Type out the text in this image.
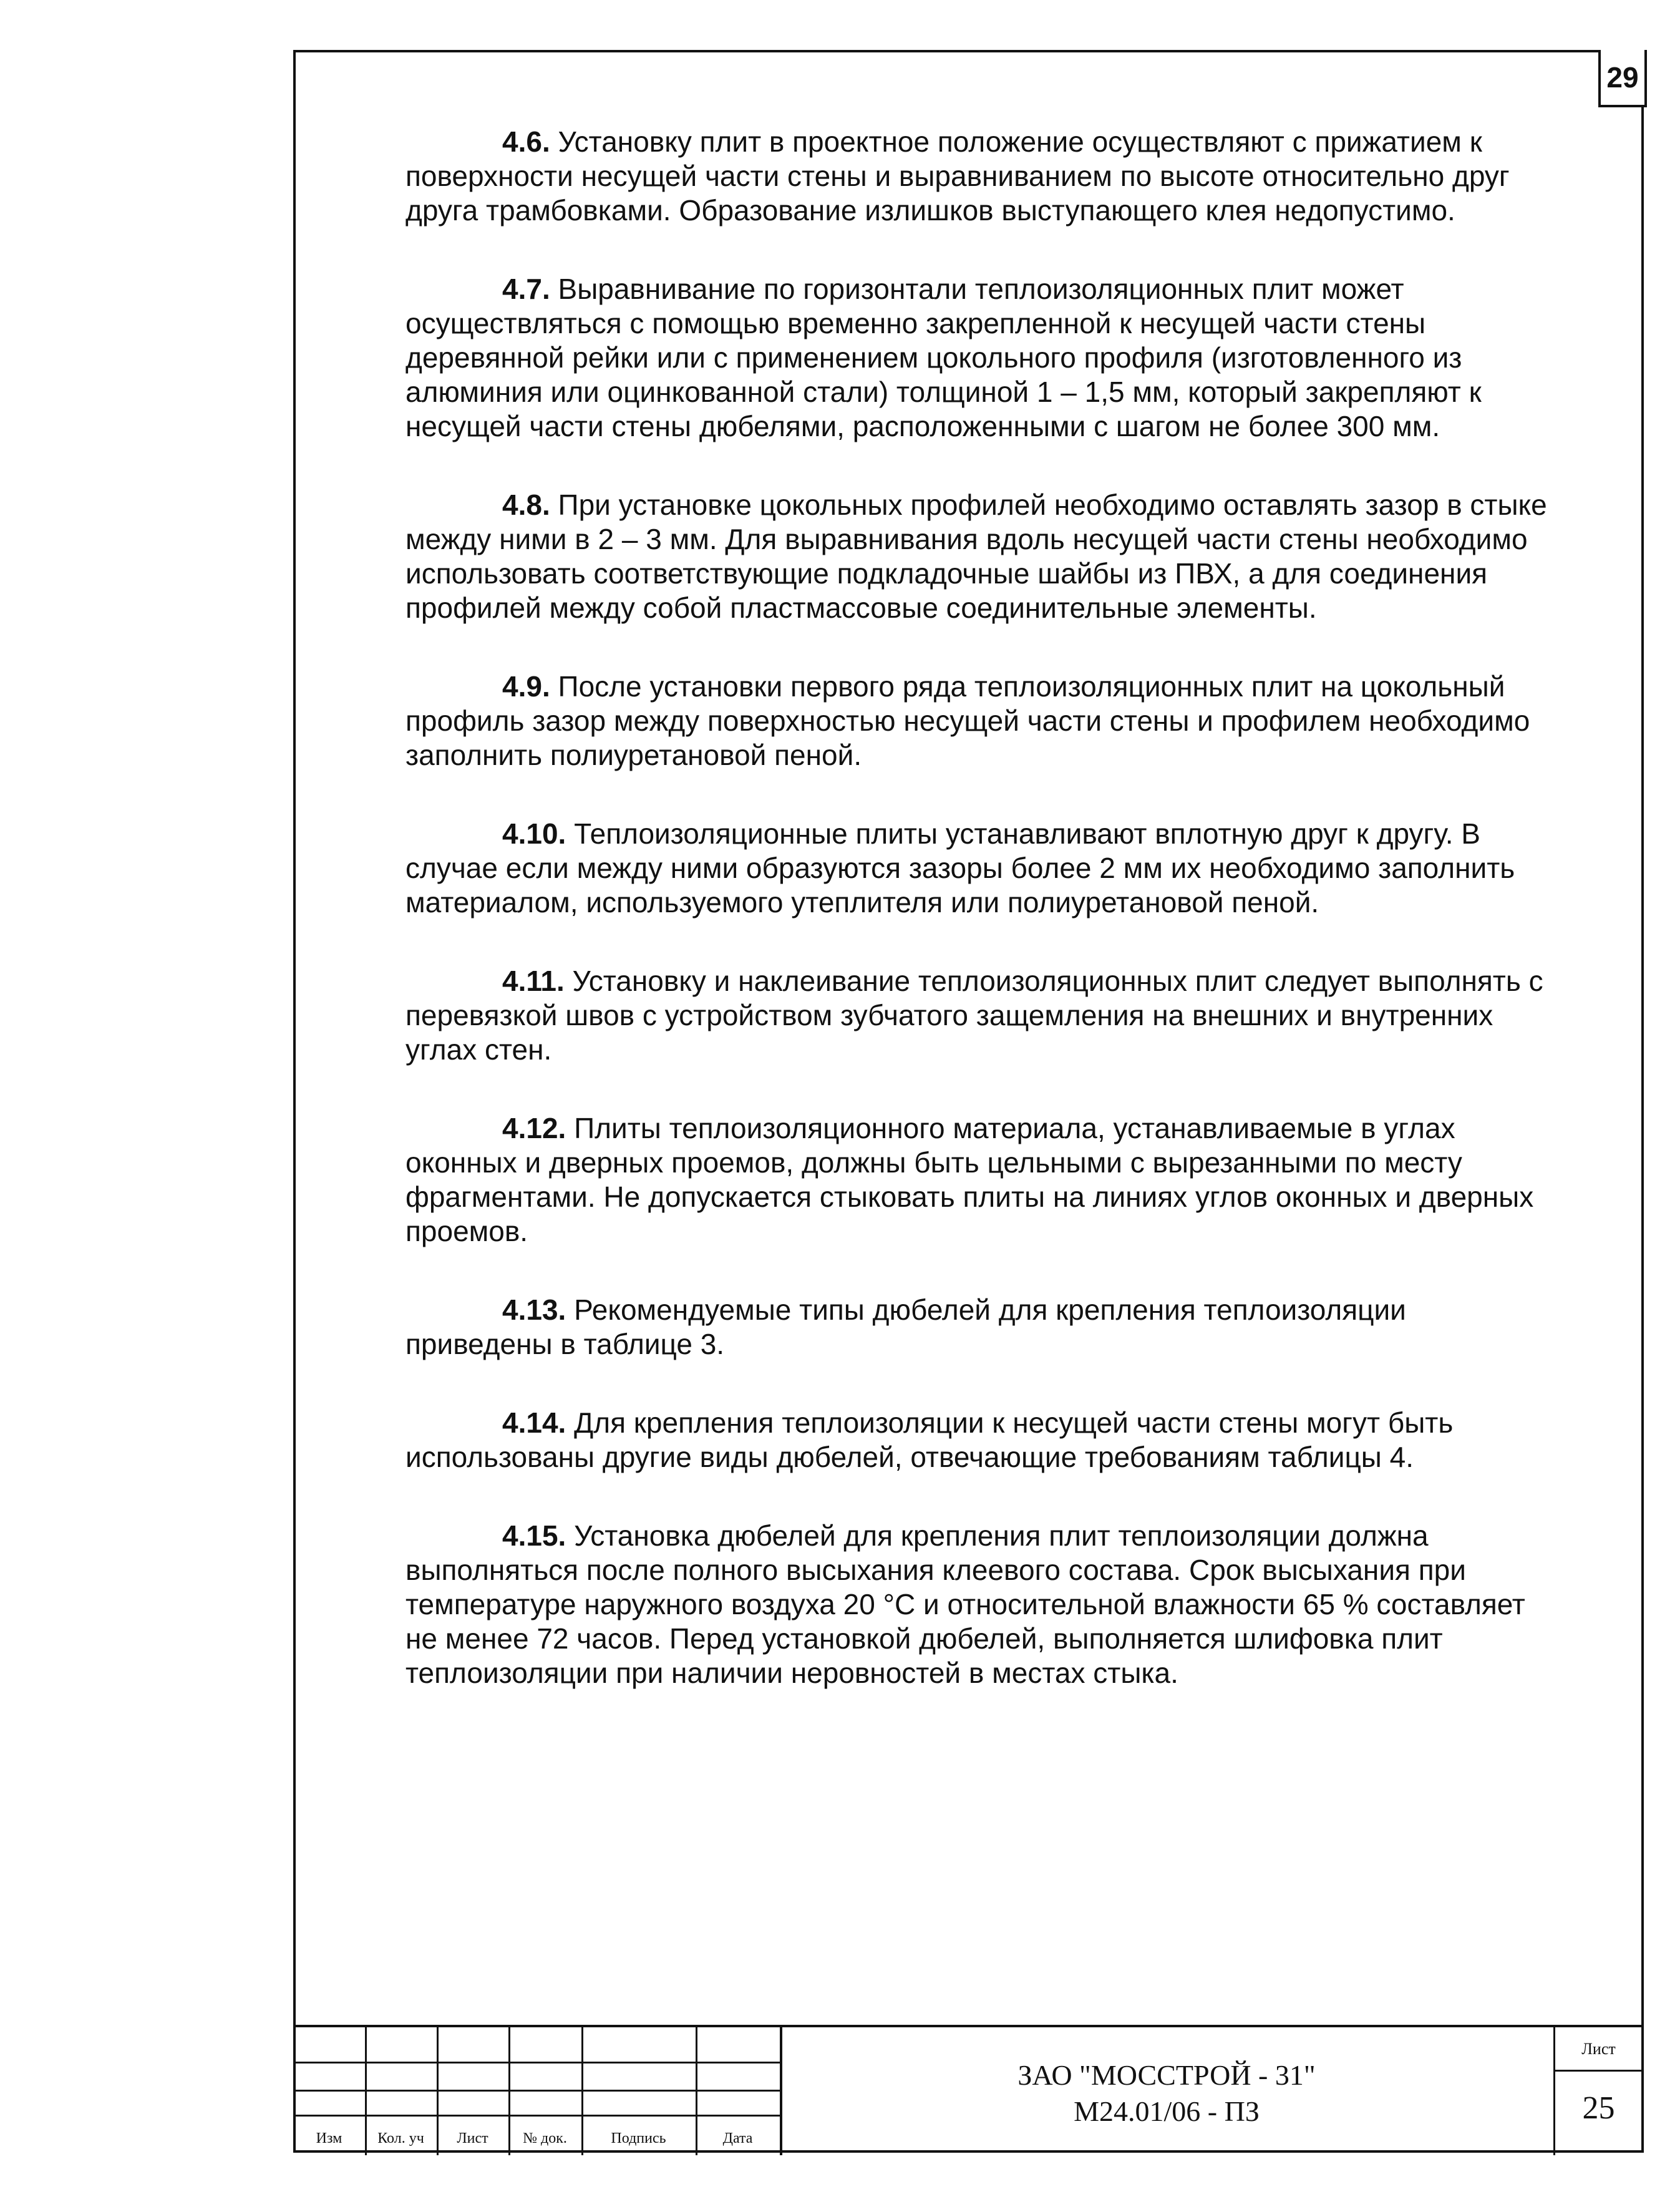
29

4.6. Установку плит в проектное положение осуществляют с прижатием к поверхности несущей части стены и выравниванием по высоте относительно друг друга трамбовками. Образование излишков выступающего клея недопустимо.

4.7. Выравнивание по горизонтали теплоизоляционных плит может осуществляться с помощью временно закрепленной к несущей части стены деревянной рейки или с применением цокольного профиля (изготовленного из алюминия или оцинкованной стали) толщиной 1 – 1,5 мм, который закрепляют к несущей части стены дюбелями, расположенными с шагом не более 300 мм.

4.8. При установке цокольных профилей необходимо оставлять зазор в стыке между ними в 2 – 3 мм. Для выравнивания вдоль несущей части стены необходимо использовать соответствующие подкладочные шайбы из ПВХ, а для соединения профилей между собой пластмассовые соединительные элементы.

4.9. После установки первого ряда теплоизоляционных плит на цокольный профиль зазор между поверхностью несущей части стены и профилем необходимо заполнить полиуретановой пеной.

4.10. Теплоизоляционные плиты устанавливают вплотную друг к другу. В случае если между ними образуются зазоры более 2 мм их необходимо заполнить материалом, используемого утеплителя или полиуретановой пеной.

4.11. Установку и наклеивание теплоизоляционных плит следует выполнять с перевязкой швов с устройством зубчатого защемления на внешних и внутренних углах стен.

4.12. Плиты теплоизоляционного материала, устанавливаемые в углах оконных и дверных проемов, должны быть цельными с вырезанными по месту фрагментами. Не допускается стыковать плиты на линиях углов оконных и дверных проемов.

4.13. Рекомендуемые типы дюбелей для крепления теплоизоляции приведены в таблице 3.

4.14. Для крепления теплоизоляции к несущей части стены могут быть использованы другие виды дюбелей, отвечающие требованиям таблицы 4.

4.15. Установка дюбелей для крепления плит теплоизоляции должна выполняться после полного высыхания клеевого состава. Срок высыхания при температуре наружного воздуха 20 °С и относительной влажности 65 % составляет не менее 72 часов. Перед установкой дюбелей, выполняется шлифовка плит теплоизоляции при наличии неровностей в местах стыка.

Изм	Кол. уч	Лист	№ док.	Подпись	Дата
ЗАО "МОССТРОЙ - 31"
М24.01/06 - ПЗ
Лист
25
